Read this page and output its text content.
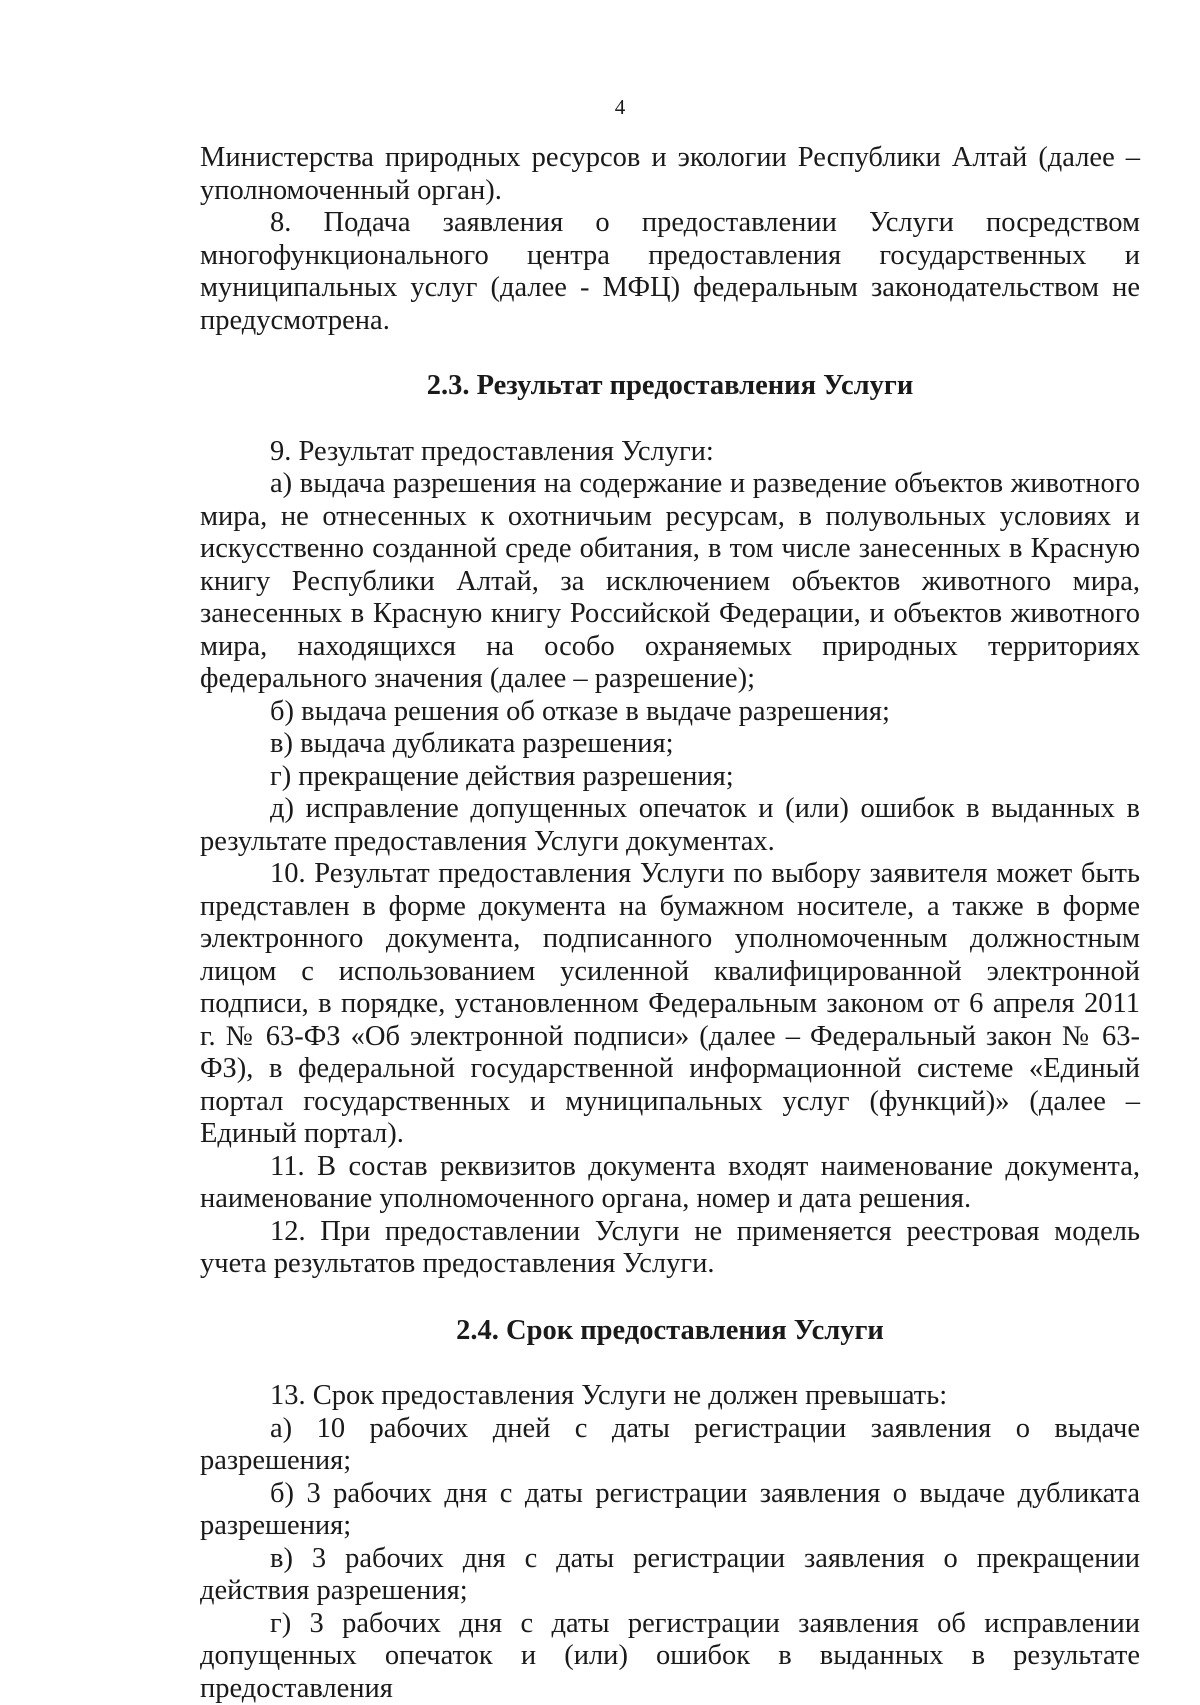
4

Министерства природных ресурсов и экологии Республики Алтай (далее – уполномоченный орган).

8. Подача заявления о предоставлении Услуги посредством многофункционального центра предоставления государственных и муниципальных услуг (далее - МФЦ) федеральным законодательством не предусмотрена.

2.3. Результат предоставления Услуги

9. Результат предоставления Услуги:

а) выдача разрешения на содержание и разведение объектов животного мира, не отнесенных к охотничьим ресурсам, в полувольных условиях и искусственно созданной среде обитания, в том числе занесенных в Красную книгу Республики Алтай, за исключением объектов животного мира, занесенных в Красную книгу Российской Федерации, и объектов животного мира, находящихся на особо охраняемых природных территориях федерального значения (далее – разрешение);

б) выдача решения об отказе в выдаче разрешения;

в) выдача дубликата разрешения;

г) прекращение действия разрешения;

д) исправление допущенных опечаток и (или) ошибок в выданных в результате предоставления Услуги документах.

10. Результат предоставления Услуги по выбору заявителя может быть представлен в форме документа на бумажном носителе, а также в форме электронного документа, подписанного уполномоченным должностным лицом с использованием усиленной квалифицированной электронной подписи, в порядке, установленном Федеральным законом от 6 апреля 2011 г. № 63-ФЗ «Об электронной подписи» (далее – Федеральный закон № 63-ФЗ), в федеральной государственной информационной системе «Единый портал государственных и муниципальных услуг (функций)» (далее – Единый портал).

11. В состав реквизитов документа входят наименование документа, наименование уполномоченного органа, номер и дата решения.

12. При предоставлении Услуги не применяется реестровая модель учета результатов предоставления Услуги.

2.4. Срок предоставления Услуги

13. Срок предоставления Услуги не должен превышать:

а) 10 рабочих дней с даты регистрации заявления о выдаче разрешения;

б) 3 рабочих дня с даты регистрации заявления о выдаче дубликата разрешения;

в) 3 рабочих дня с даты регистрации заявления о прекращении действия разрешения;

г) 3 рабочих дня с даты регистрации заявления об исправлении допущенных опечаток и (или) ошибок в выданных в результате предоставления
